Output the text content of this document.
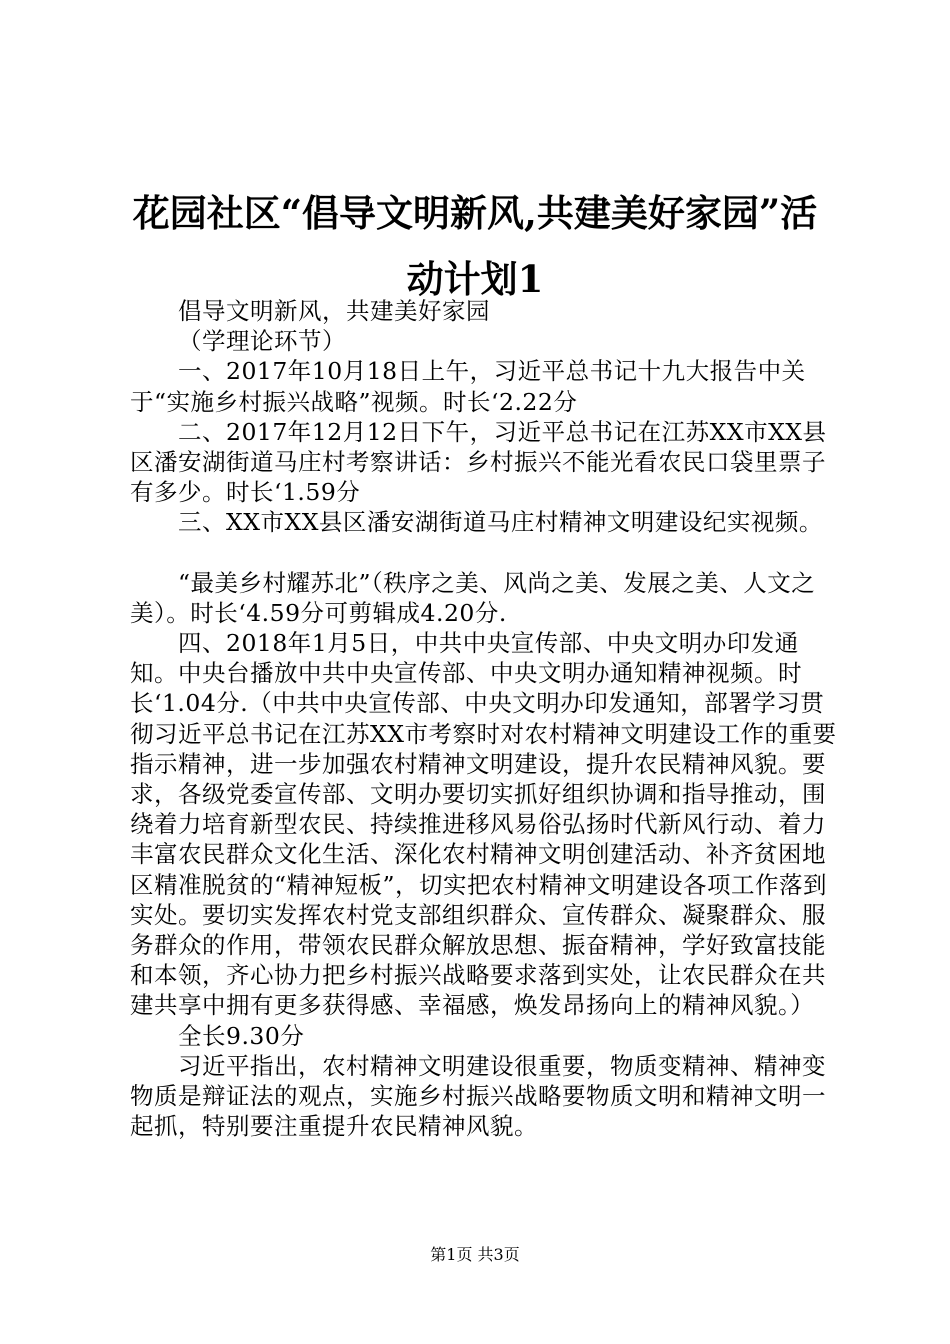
花园社区“倡导文明新风,共建美好家园”活
动计划1

倡导文明新风，共建美好家园

（学理论环节）

一、2017年10月18日上午，习近平总书记十九大报告中关于“实施乡村振兴战略”视频。时长‘2.22分

二、2017年12月12日下午，习近平总书记在江苏XX市XX县区潘安湖街道马庄村考察讲话：乡村振兴不能光看农民口袋里票子有多少。时长‘1.59分

三、XX市XX县区潘安湖街道马庄村精神文明建设纪实视频。

“最美乡村耀苏北”（秩序之美、风尚之美、发展之美、人文之美）。时长‘4.59分可剪辑成4.20分.

四、2018年1月5日，中共中央宣传部、中央文明办印发通知。中央台播放中共中央宣传部、中央文明办通知精神视频。时长‘1.04分.（中共中央宣传部、中央文明办印发通知，部署学习贯彻习近平总书记在江苏XX市考察时对农村精神文明建设工作的重要指示精神，进一步加强农村精神文明建设，提升农民精神风貌。要求，各级党委宣传部、文明办要切实抓好组织协调和指导推动，围绕着力培育新型农民、持续推进移风易俗弘扬时代新风行动、着力丰富农民群众文化生活、深化农村精神文明创建活动、补齐贫困地区精准脱贫的“精神短板”，切实把农村精神文明建设各项工作落到实处。要切实发挥农村党支部组织群众、宣传群众、凝聚群众、服务群众的作用，带领农民群众解放思想、振奋精神，学好致富技能和本领，齐心协力把乡村振兴战略要求落到实处，让农民群众在共建共享中拥有更多获得感、幸福感，焕发昂扬向上的精神风貌。）

全长9.30分

习近平指出，农村精神文明建设很重要，物质变精神、精神变物质是辩证法的观点，实施乡村振兴战略要物质文明和精神文明一起抓，特别要注重提升农民精神风貌。

第1页 共3页
